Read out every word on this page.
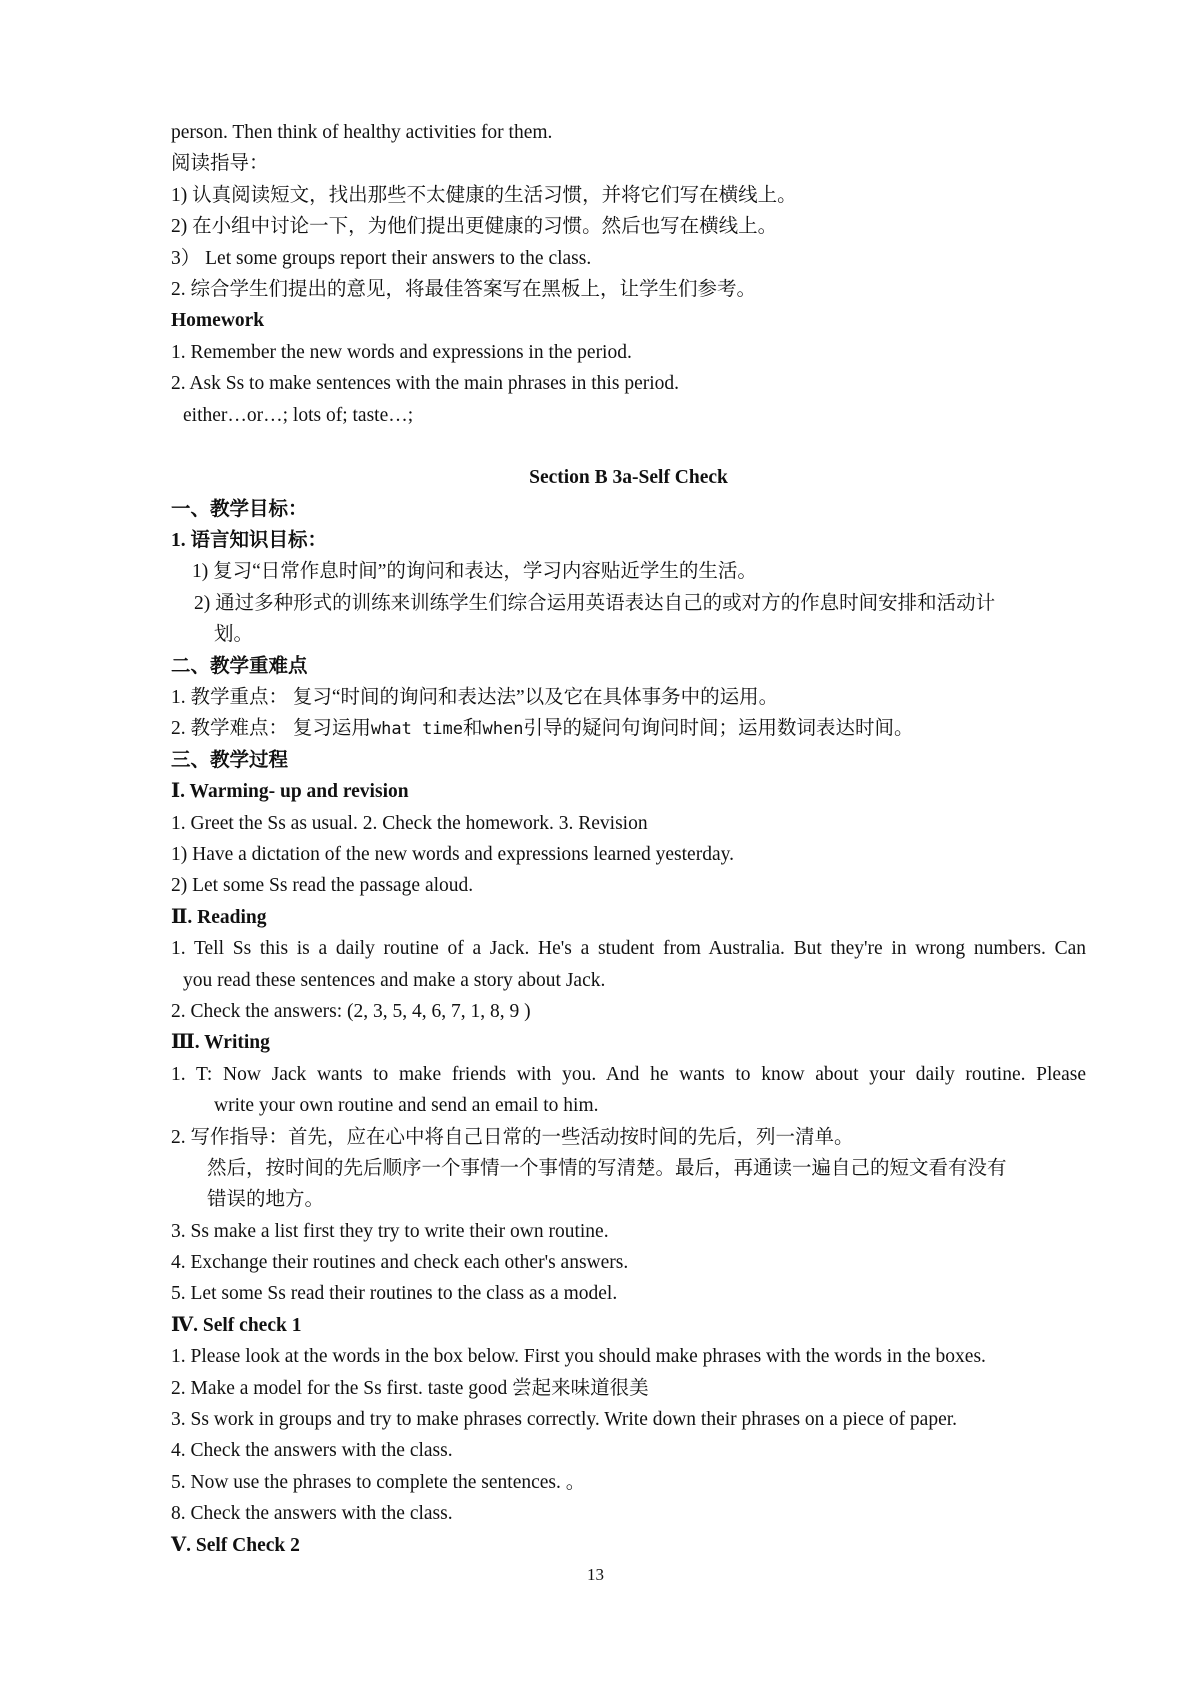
person. Then think of healthy activities for them.
阅读指导：
1) 认真阅读短文，找出那些不太健康的生活习惯，并将它们写在横线上。
2) 在小组中讨论一下，为他们提出更健康的习惯。然后也写在横线上。
3） Let some groups report their answers to the class.
2. 综合学生们提出的意见，将最佳答案写在黑板上，让学生们参考。
Homework
1. Remember the new words and expressions in the period.
2. Ask Ss to make sentences with the main phrases in this period.
either…or…; lots of; taste…;
Section B 3a-Self Check
一、教学目标：
1. 语言知识目标：
1) 复习“日常作息时间”的询问和表达，学习内容贴近学生的生活。
2) 通过多种形式的训练来训练学生们综合运用英语表达自己的或对方的作息时间安排和活动计
划。
二、教学重难点
1. 教学重点： 复习“时间的询问和表达法”以及它在具体事务中的运用。
2. 教学难点： 复习运用what time和when引导的疑问句询问时间；运用数词表达时间。
三、教学过程
Ⅰ. Warming- up and revision
1. Greet the Ss as usual. 2. Check the homework. 3. Revision
1) Have a dictation of the new words and expressions learned yesterday.
2) Let some Ss read the passage aloud.
Ⅱ. Reading
1. Tell Ss this is a daily routine of a Jack. He's a student from Australia. But they're in wrong numbers. Can
you read these sentences and make a story about Jack.
2. Check the answers: (2, 3, 5, 4, 6, 7, 1, 8, 9 )
Ⅲ. Writing
1. T: Now Jack wants to make friends with you. And he wants to know about your daily routine. Please
write your own routine and send an email to him.
2. 写作指导：首先，应在心中将自己日常的一些活动按时间的先后，列一清单。
然后，按时间的先后顺序一个事情一个事情的写清楚。最后，再通读一遍自己的短文看有没有
错误的地方。
3. Ss make a list first they try to write their own routine.
4. Exchange their routines and check each other's answers.
5. Let some Ss read their routines to the class as a model.
Ⅳ. Self check 1
1. Please look at the words in the box below. First you should make phrases with the words in the boxes.
2. Make a model for the Ss first. taste good 尝起来味道很美
3. Ss work in groups and try to make phrases correctly. Write down their phrases on a piece of paper.
4. Check the answers with the class.
5. Now use the phrases to complete the sentences. 。
8. Check the answers with the class.
Ⅴ. Self Check 2
13
